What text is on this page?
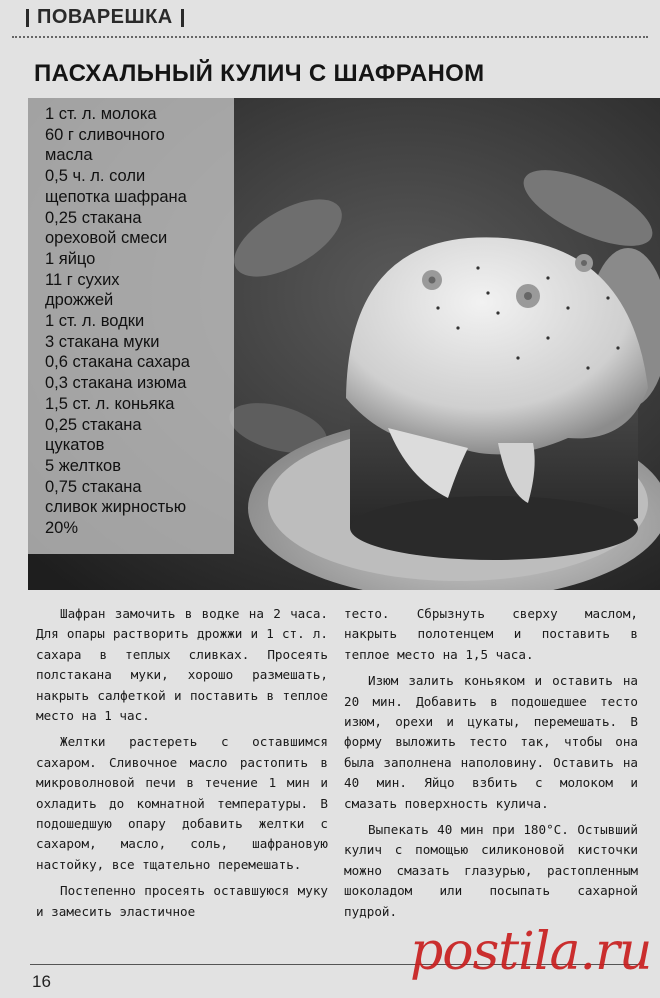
ПОВАРЕШКА
ПАСХАЛЬНЫЙ КУЛИЧ С ШАФРАНОМ
1 ст. л. молока
60 г сливочного
масла
0,5 ч. л. соли
щепотка шафрана
0,25 стакана
ореховой смеси
1 яйцо
11 г сухих
дрожжей
1 ст. л. водки
3 стакана муки
0,6 стакана сахара
0,3 стакана изюма
1,5 ст. л. коньяка
0,25 стакана
цукатов
5 желтков
0,75 стакана
сливок жирностью
20%

Шафран замочить в водке на 2 часа. Для опары растворить дрожжи и 1 ст. л. сахара в теплых сливках. Просеять полстакана муки, хорошо размешать, накрыть салфеткой и поставить в теплое место на 1 час.

Желтки растереть с оставшимся сахаром. Сливочное масло растопить в микроволновой печи в течение 1 мин и охладить до комнатной температуры. В подошедшую опару добавить желтки с сахаром, масло, соль, шафрановую настойку, все тщательно перемешать.

Постепенно просеять оставшуюся муку и замесить эластичное

тесто. Сбрызнуть сверху маслом, накрыть полотенцем и поставить в теплое место на 1,5 часа.

Изюм залить коньяком и оставить на 20 мин. Добавить в подошедшее тесто изюм, орехи и цукаты, перемешать. В форму выложить тесто так, чтобы она была заполнена наполовину. Оставить на 40 мин. Яйцо взбить с молоком и смазать поверхность кулича.

Выпекать 40 мин при 180°С. Остывший кулич с помощью силиконовой кисточки можно смазать глазурью, растопленным шоколадом или посыпать сахарной пудрой.

16	postila.ru
